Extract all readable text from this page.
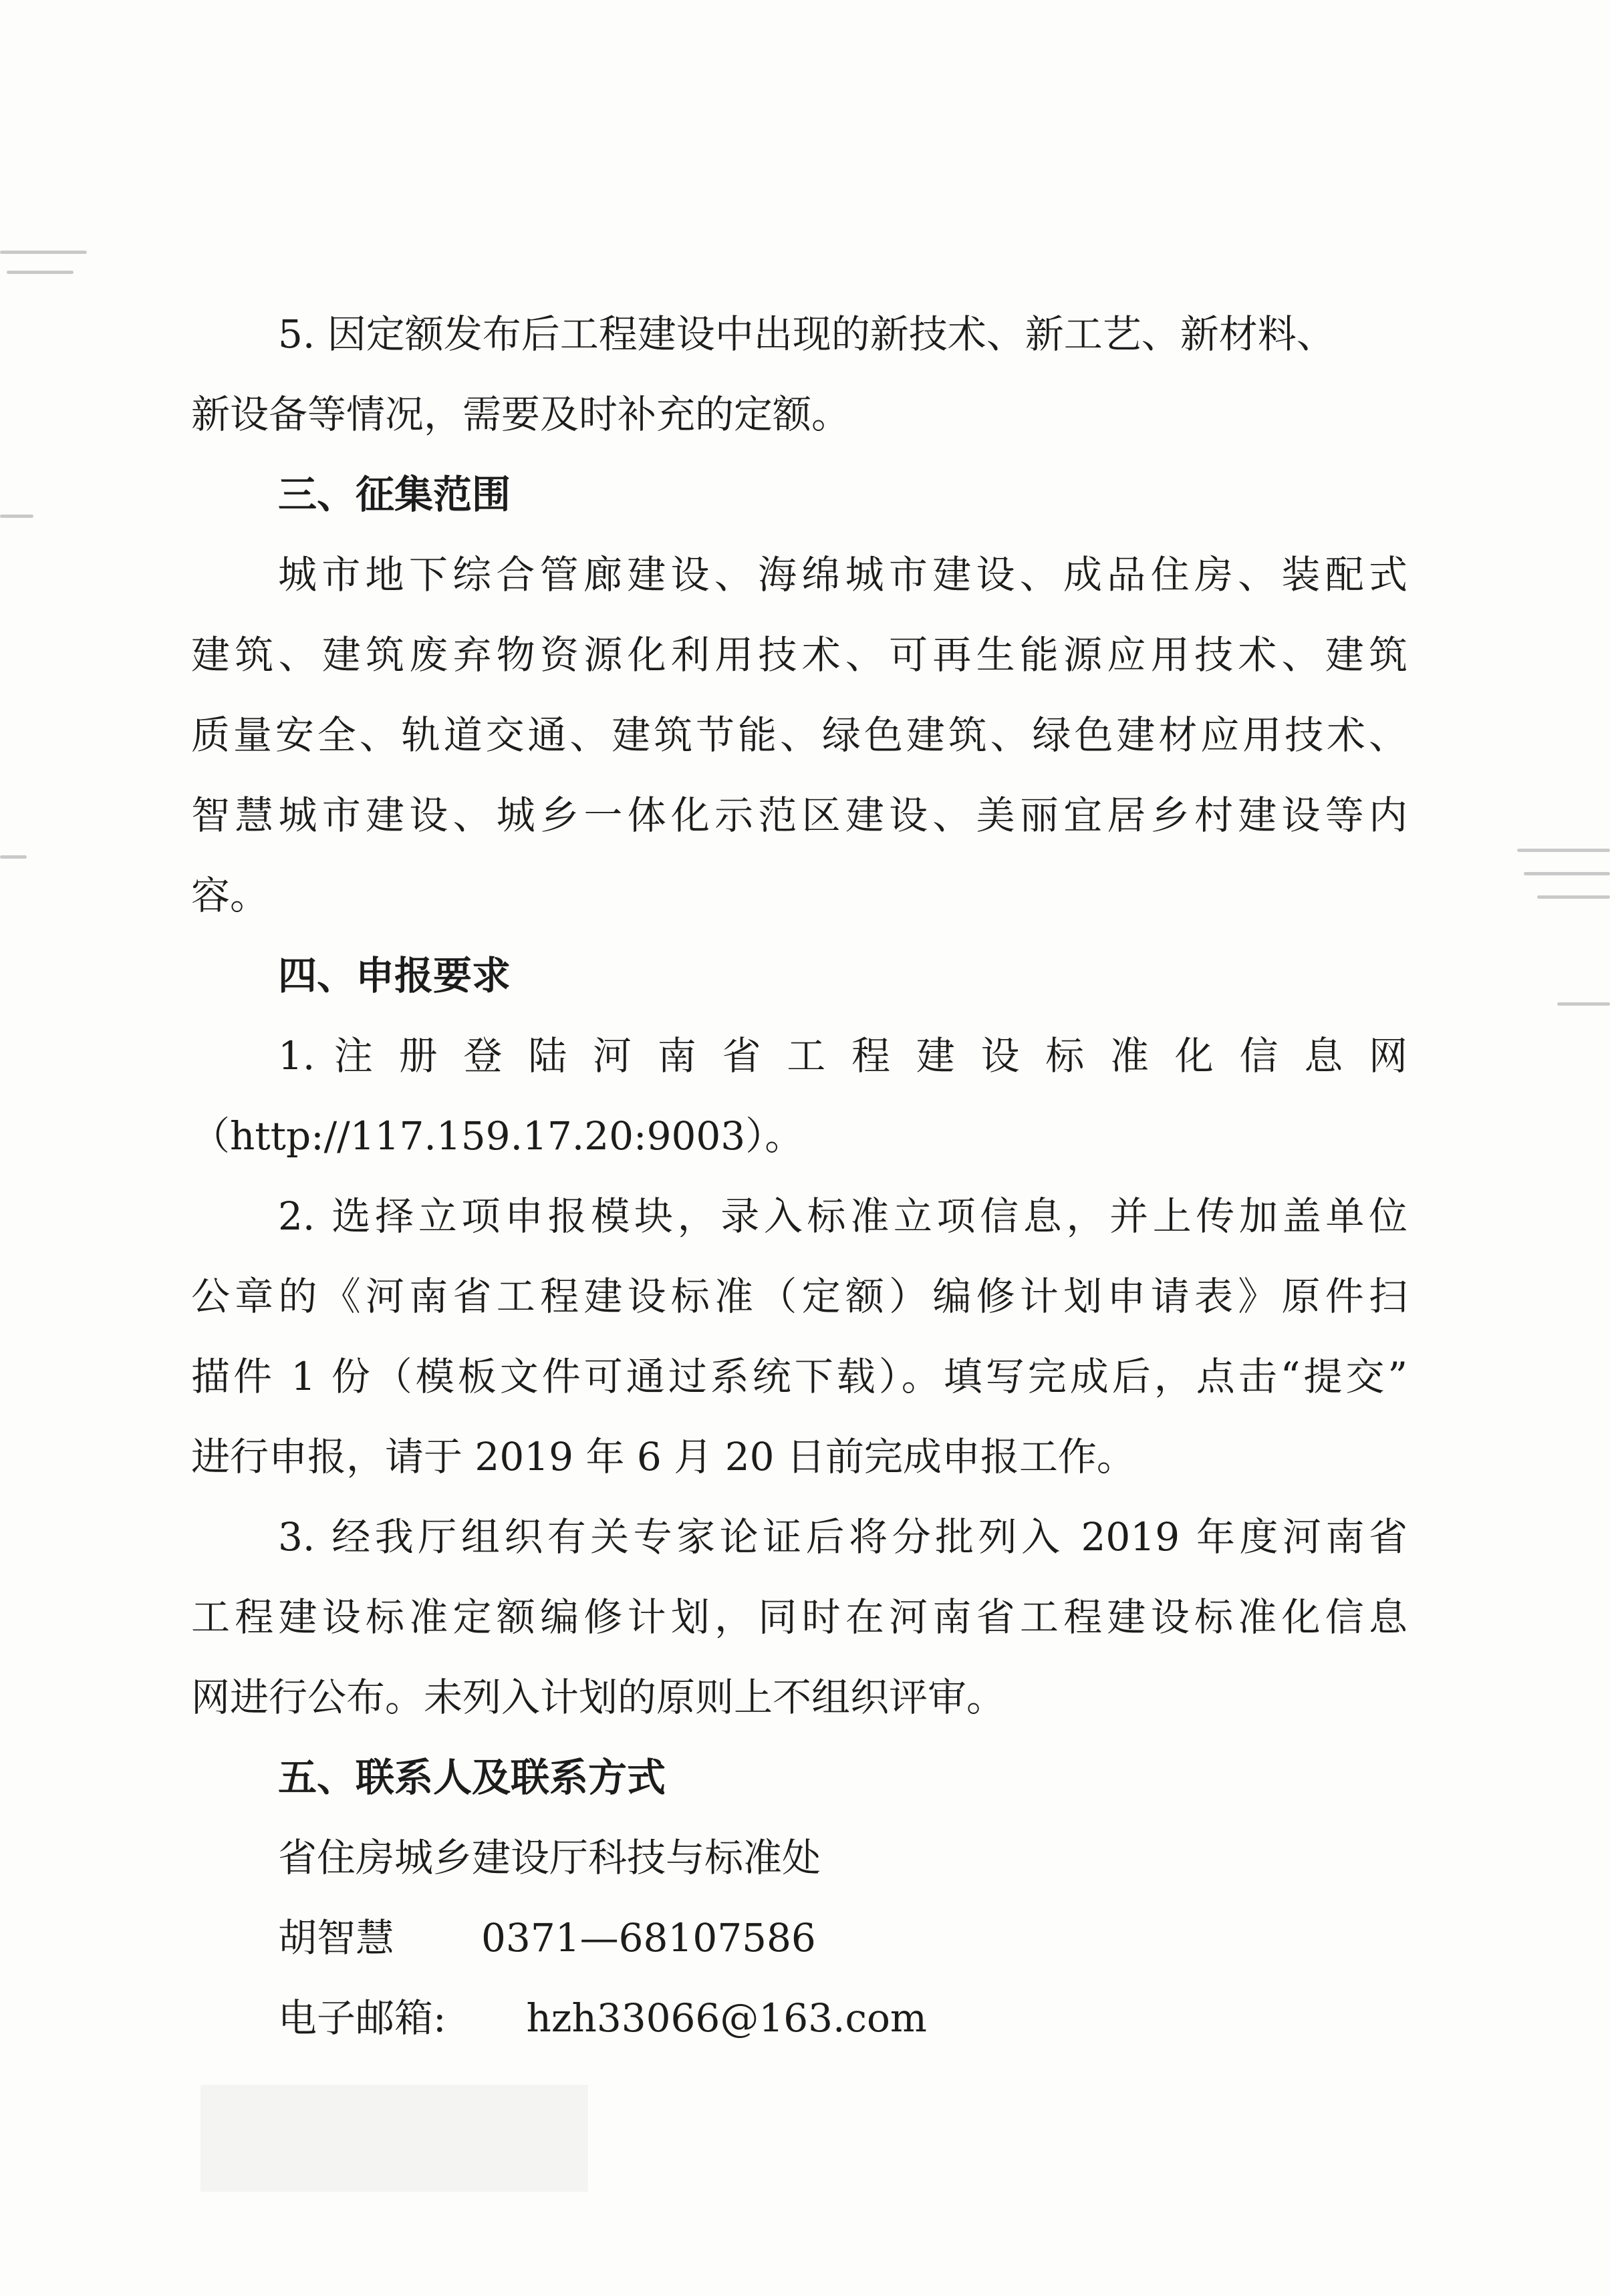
5. 因定额发布后工程建设中出现的新技术、新工艺、新材料、

新设备等情况，需要及时补充的定额。

三、征集范围

城市地下综合管廊建设、海绵城市建设、成品住房、装配式

建筑、建筑废弃物资源化利用技术、可再生能源应用技术、建筑

质量安全、轨道交通、建筑节能、绿色建筑、绿色建材应用技术、

智慧城市建设、城乡一体化示范区建设、美丽宜居乡村建设等内

容。

四、申报要求

1. 注 册 登 陆 河 南 省 工 程 建 设 标 准 化 信 息 网

（http://117.159.17.20:9003）。

2. 选择立项申报模块，录入标准立项信息，并上传加盖单位

公章的《河南省工程建设标准（定额）编修计划申请表》原件扫

描件 1 份（模板文件可通过系统下载）。填写完成后，点击“提交”

进行申报，请于 2019 年 6 月 20 日前完成申报工作。

3. 经我厅组织有关专家论证后将分批列入 2019 年度河南省

工程建设标准定额编修计划，同时在河南省工程建设标准化信息

网进行公布。未列入计划的原则上不组织评审。

五、联系人及联系方式

省住房城乡建设厅科技与标准处

胡智慧 0371—68107586
电子邮箱: hzh33066@163.com
